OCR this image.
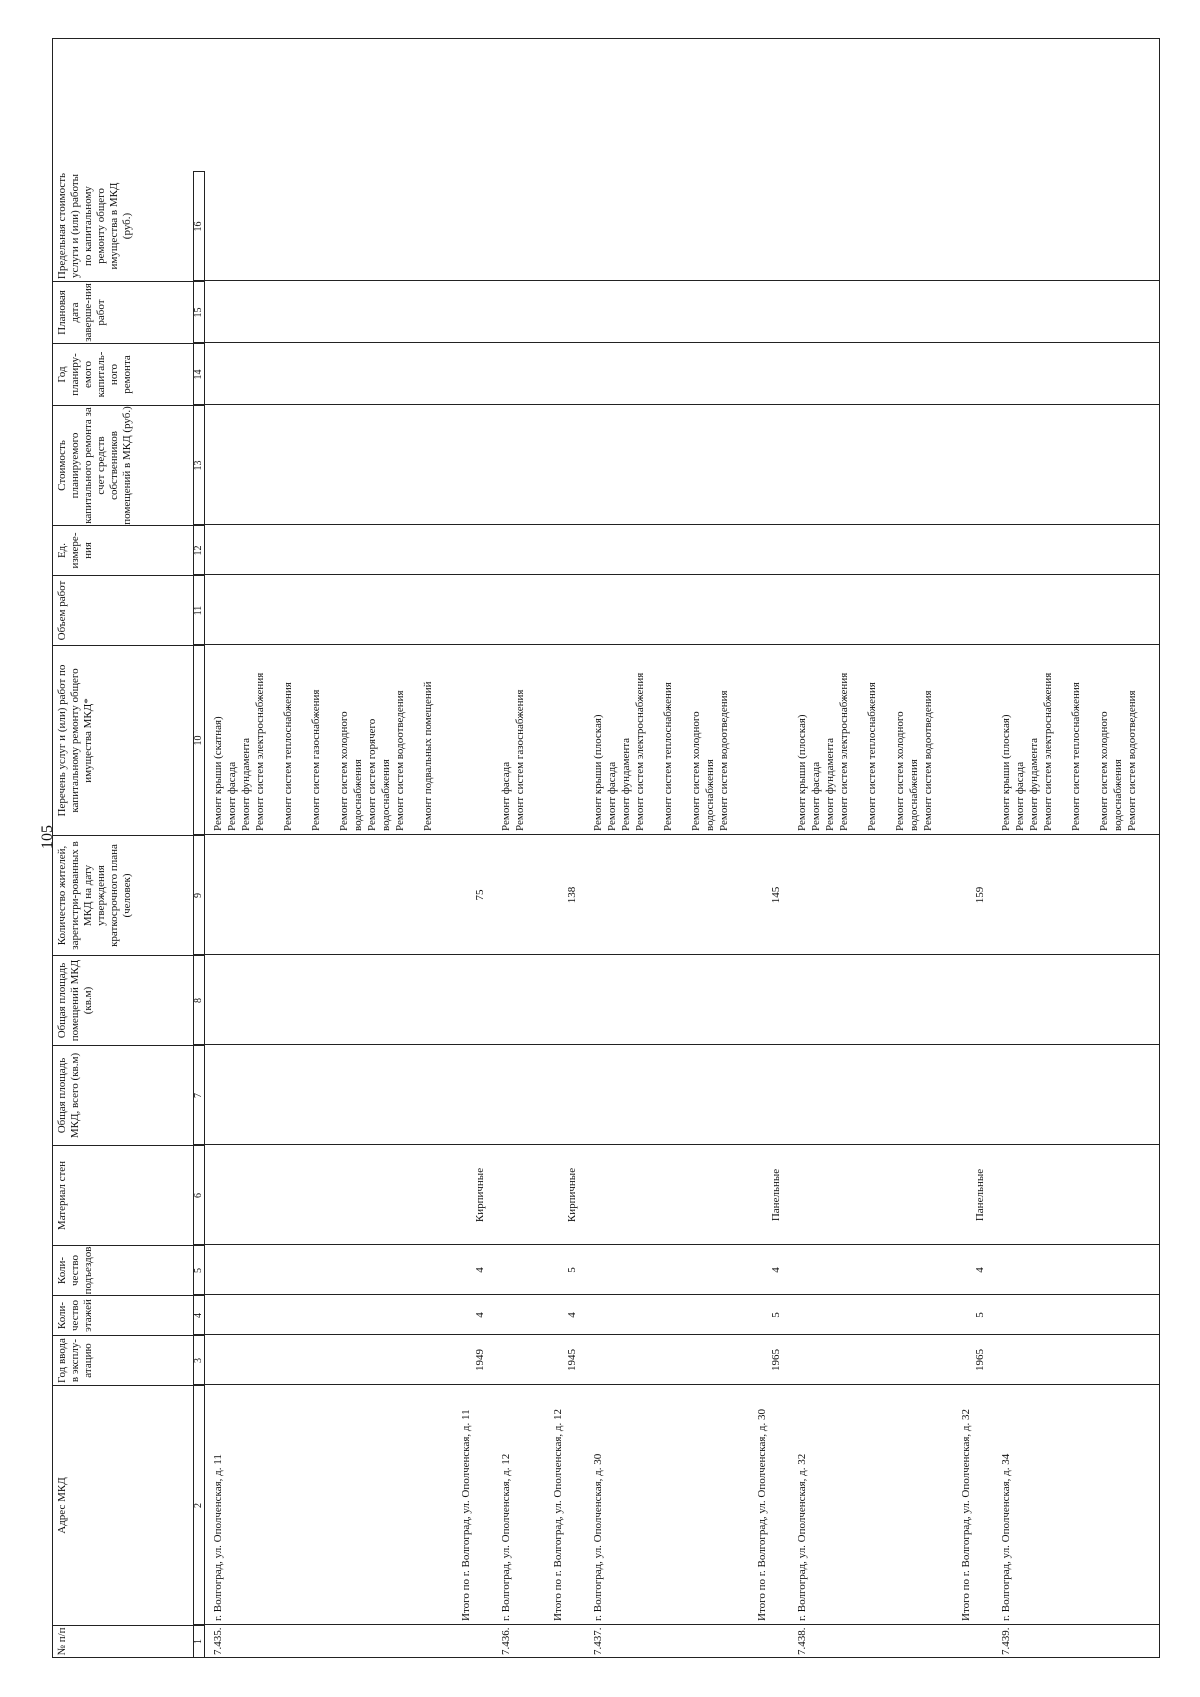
105
№ п/п
Адрес МКД
Год ввода в эксплу-атацию
Коли-чество этажей
Коли-чество подъездов
Материал стен
Общая площадь МКД, всего (кв.м)
Общая площадь помещений МКД (кв.м)
Количество жителей, зарегистри-рованных в МКД на дату утверждения краткосрочного плана (человек)
Перечень услуг и (или) работ по капитальному ремонту общего имущества МКД*
Объем работ
Ед. измере-ния
Стоимость планируемого капитального ремонта за счет средств собственников помещений в МКД (руб.)
Год планиру-емого капиталь-ного ремонта
Плановая дата заверше-ния работ
Предельная стоимость услуги и (или) работы по капитальному ремонту общего имущества в МКД (руб.)
1
2
3
4
5
6
7
8
9
10
11
12
13
14
15
16
7.435.
г. Волгоград, ул. Ополченская, д. 11
Ремонт крыши (скатная) Ремонт фасада Ремонт фундамента Ремонт систем электроснабжения Ремонт систем теплоснабжения Ремонт систем газоснабжения Ремонт систем холодного водоснабжения Ремонт систем горячего водоснабжения Ремонт систем водоотведения Ремонт подвальных помещений
Итого по г. Волгоград, ул. Ополченская, д. 11
1949
4
4
Кирпичные
75
7.436.
г. Волгоград, ул. Ополченская, д. 12
Ремонт фасада Ремонт систем газоснабжения
Итого по г. Волгоград, ул. Ополченская, д. 12
1945
4
5
Кирпичные
138
7.437.
г. Волгоград, ул. Ополченская, д. 30
Ремонт крыши (плоская) Ремонт фасада Ремонт фундамента Ремонт систем электроснабжения Ремонт систем теплоснабжения Ремонт систем холодного водоснабжения Ремонт систем водоотведения
Итого по г. Волгоград, ул. Ополченская, д. 30
1965
5
4
Панельные
145
7.438.
г. Волгоград, ул. Ополченская, д. 32
Ремонт крыши (плоская) Ремонт фасада Ремонт фундамента Ремонт систем электроснабжения Ремонт систем теплоснабжения Ремонт систем холодного водоснабжения Ремонт систем водоотведения
Итого по г. Волгоград, ул. Ополченская, д. 32
1965
5
4
Панельные
159
7.439.
г. Волгоград, ул. Ополченская, д. 34
Ремонт крыши (плоская) Ремонт фасада Ремонт фундамента Ремонт систем электроснабжения Ремонт систем теплоснабжения Ремонт систем холодного водоснабжения Ремонт систем водоотведения
